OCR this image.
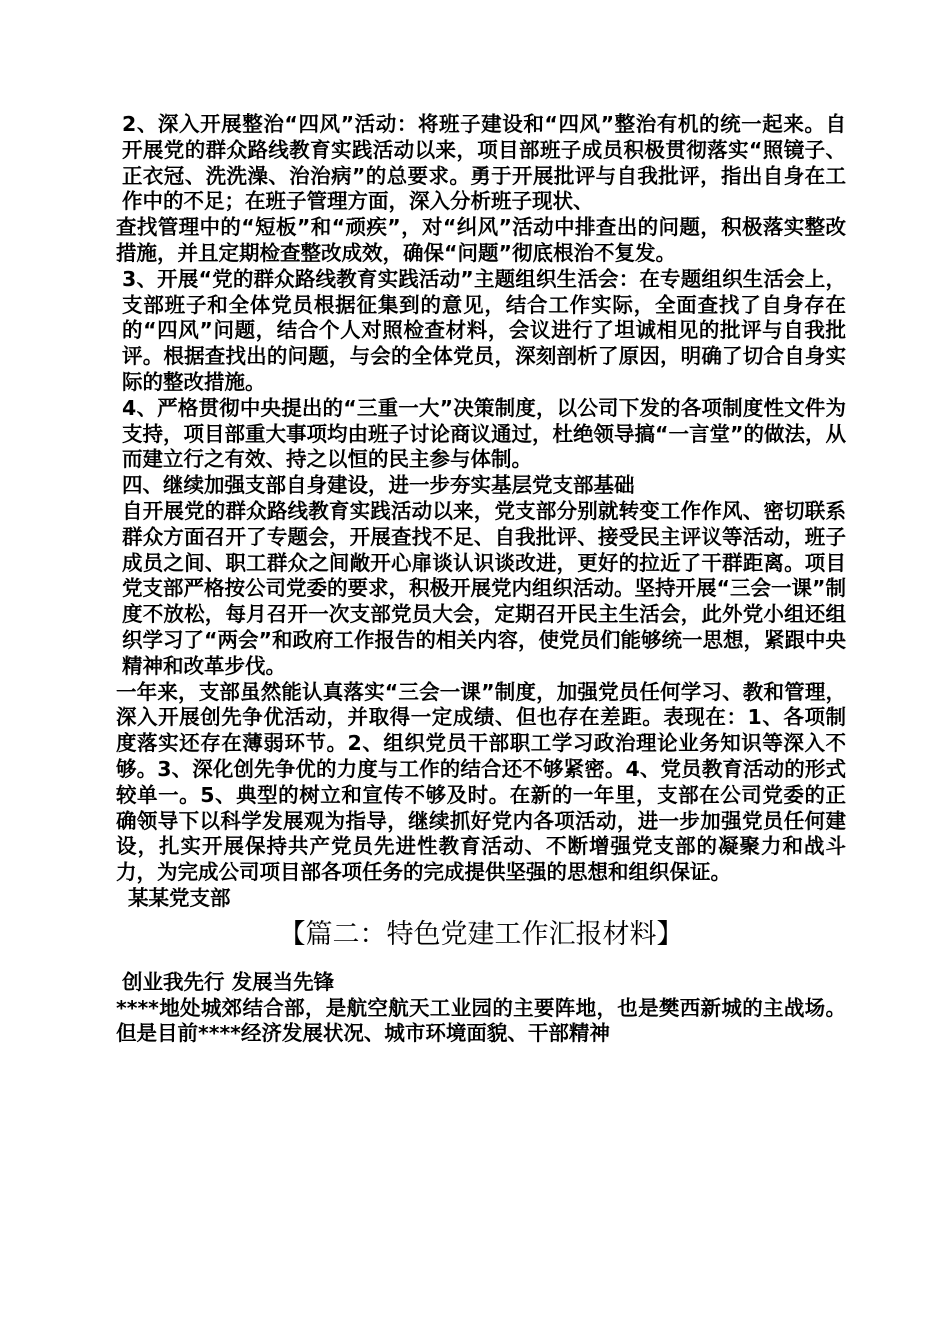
2、深入开展整治“四风”活动：将班子建设和“四风”整治有机的统一起来。自开展党的群众路线教育实践活动以来，项目部班子成员积极贯彻落实“照镜子、正衣冠、洗洗澡、治治病”的总要求。勇于开展批评与自我批评，指出自身在工作中的不足；在班子管理方面，深入分析班子现状、

查找管理中的“短板”和“顽疾”，对“纠风”活动中排查出的问题，积极落实整改措施，并且定期检查整改成效，确保“问题”彻底根治不复发。

3、开展“党的群众路线教育实践活动”主题组织生活会：在专题组织生活会上，支部班子和全体党员根据征集到的意见，结合工作实际，全面查找了自身存在的“四风”问题，结合个人对照检查材料，会议进行了坦诚相见的批评与自我批评。根据查找出的问题，与会的全体党员，深刻剖析了原因，明确了切合自身实际的整改措施。

4、严格贯彻中央提出的“三重一大”决策制度，以公司下发的各项制度性文件为支持，项目部重大事项均由班子讨论商议通过，杜绝领导搞“一言堂”的做法，从而建立行之有效、持之以恒的民主参与体制。

四、继续加强支部自身建设，进一步夯实基层党支部基础

自开展党的群众路线教育实践活动以来，党支部分别就转变工作作风、密切联系群众方面召开了专题会，开展查找不足、自我批评、接受民主评议等活动，班子成员之间、职工群众之间敞开心扉谈认识谈改进，更好的拉近了干群距离。项目党支部严格按公司党委的要求，积极开展党内组织活动。坚持开展“三会一课”制度不放松，每月召开一次支部党员大会，定期召开民主生活会，此外党小组还组织学习了“两会”和政府工作报告的相关内容，使党员们能够统一思想，紧跟中央精神和改革步伐。

一年来，支部虽然能认真落实“三会一课”制度，加强党员任何学习、教和管理，深入开展创先争优活动，并取得一定成绩、但也存在差距。表现在：1、各项制度落实还存在薄弱环节。2、组织党员干部职工学习政治理论业务知识等深入不够。3、深化创先争优的力度与工作的结合还不够紧密。4、党员教育活动的形式较单一。5、典型的树立和宣传不够及时。在新的一年里，支部在公司党委的正确领导下以科学发展观为指导，继续抓好党内各项活动，进一步加强党员任何建设，扎实开展保持共产党员先进性教育活动、不断增强党支部的凝聚力和战斗力，为完成公司项目部各项任务的完成提供坚强的思想和组织保证。

某某党支部

【篇二：特色党建工作汇报材料】

创业我先行 发展当先锋

****地处城郊结合部，是航空航天工业园的主要阵地，也是樊西新城的主战场。但是目前****经济发展状况、城市环境面貌、干部精神
